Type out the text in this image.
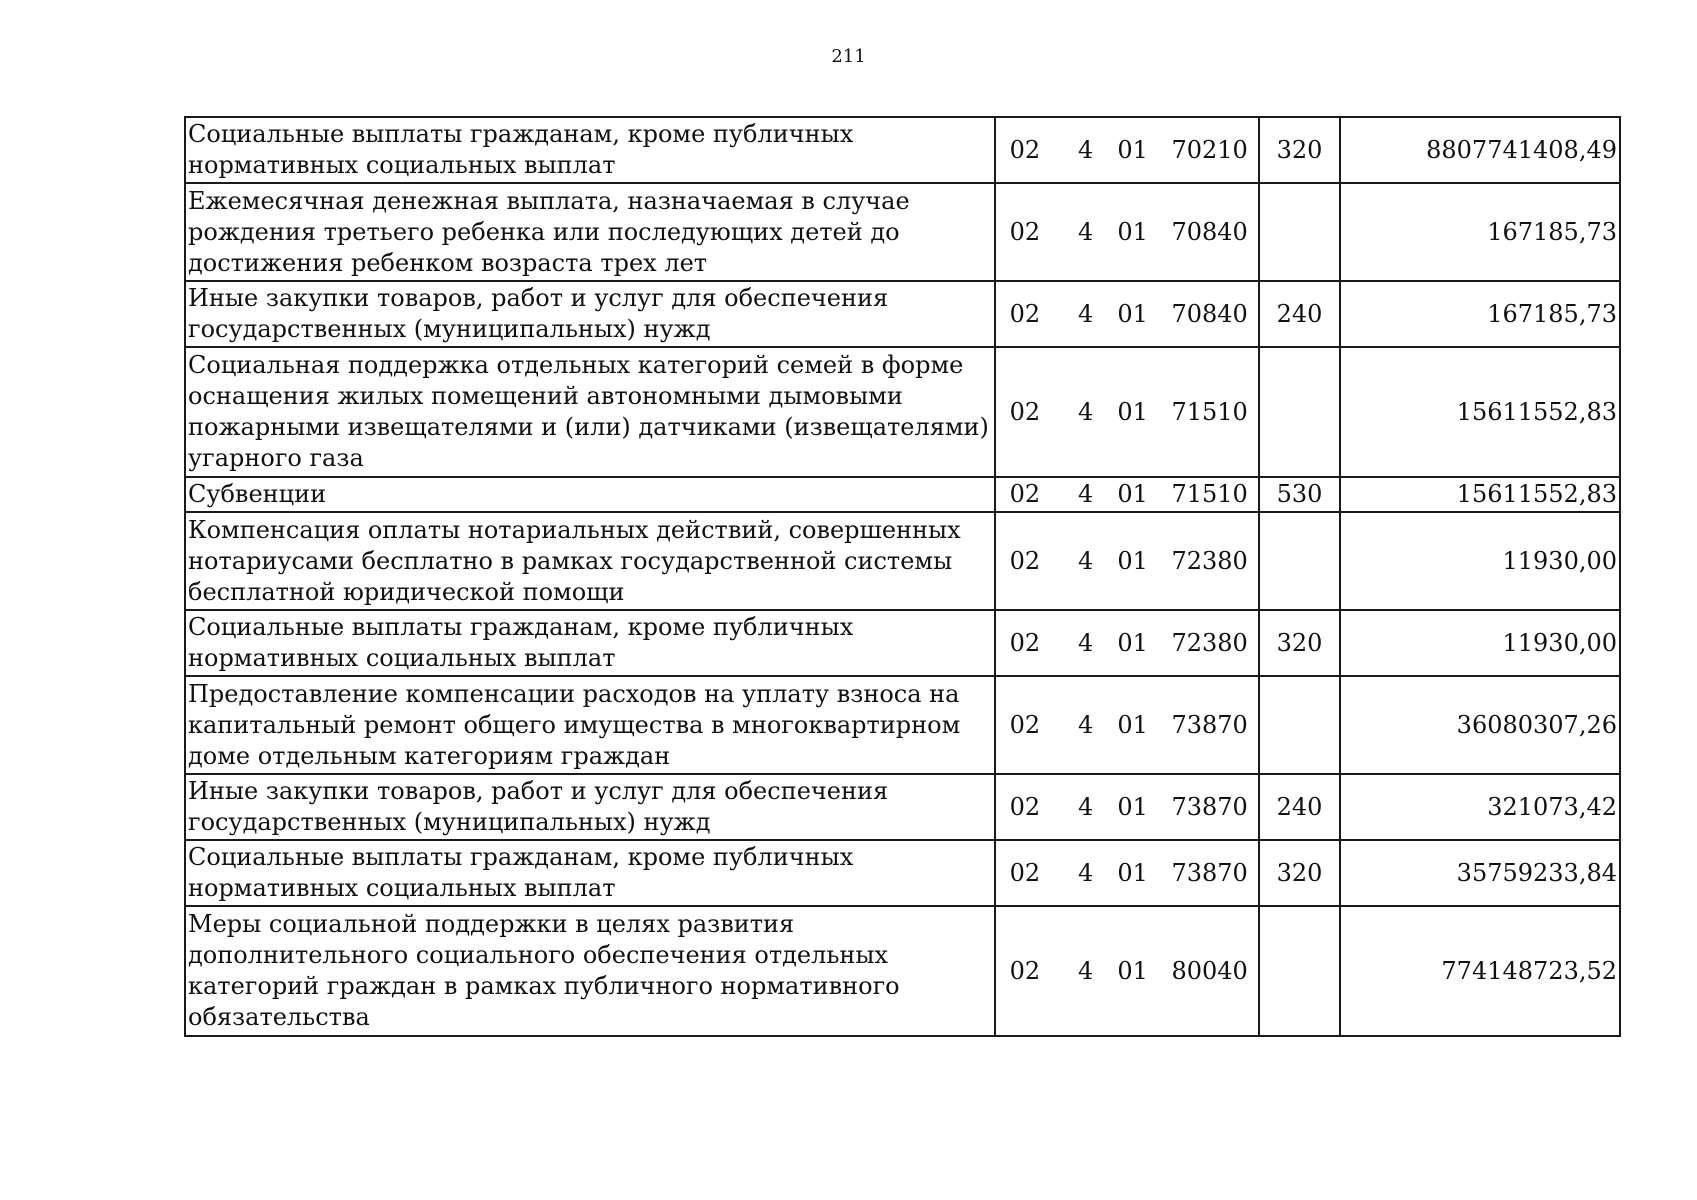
211
Социальные выплаты гражданам, кроме публичных нормативных социальных выплат	02 4 01 70210	320	8807741408,49

Ежемесячная денежная выплата, назначаемая в случае рождения третьего ребенка или последующих детей до достижения ребенком возраста трех лет	02 4 01 70840		167185,73

Иные закупки товаров, работ и услуг для обеспечения государственных (муниципальных) нужд	02 4 01 70840	240	167185,73

Социальная поддержка отдельных категорий семей в форме оснащения жилых помещений автономными дымовыми пожарными извещателями и (или) датчиками (извещателями) угарного газа	02 4 01 71510		15611552,83

Субвенции	02 4 01 71510	530	15611552,83

Компенсация оплаты нотариальных действий, совершенных нотариусами бесплатно в рамках государственной системы бесплатной юридической помощи	02 4 01 72380		11930,00

Социальные выплаты гражданам, кроме публичных нормативных социальных выплат	02 4 01 72380	320	11930,00

Предоставление компенсации расходов на уплату взноса на капитальный ремонт общего имущества в многоквартирном доме отдельным категориям граждан	02 4 01 73870		36080307,26

Иные закупки товаров, работ и услуг для обеспечения государственных (муниципальных) нужд	02 4 01 73870	240	321073,42

Социальные выплаты гражданам, кроме публичных нормативных социальных выплат	02 4 01 73870	320	35759233,84

Меры социальной поддержки в целях развития дополнительного социального обеспечения отдельных категорий граждан в рамках публичного нормативного обязательства	02 4 01 80040		774148723,52
